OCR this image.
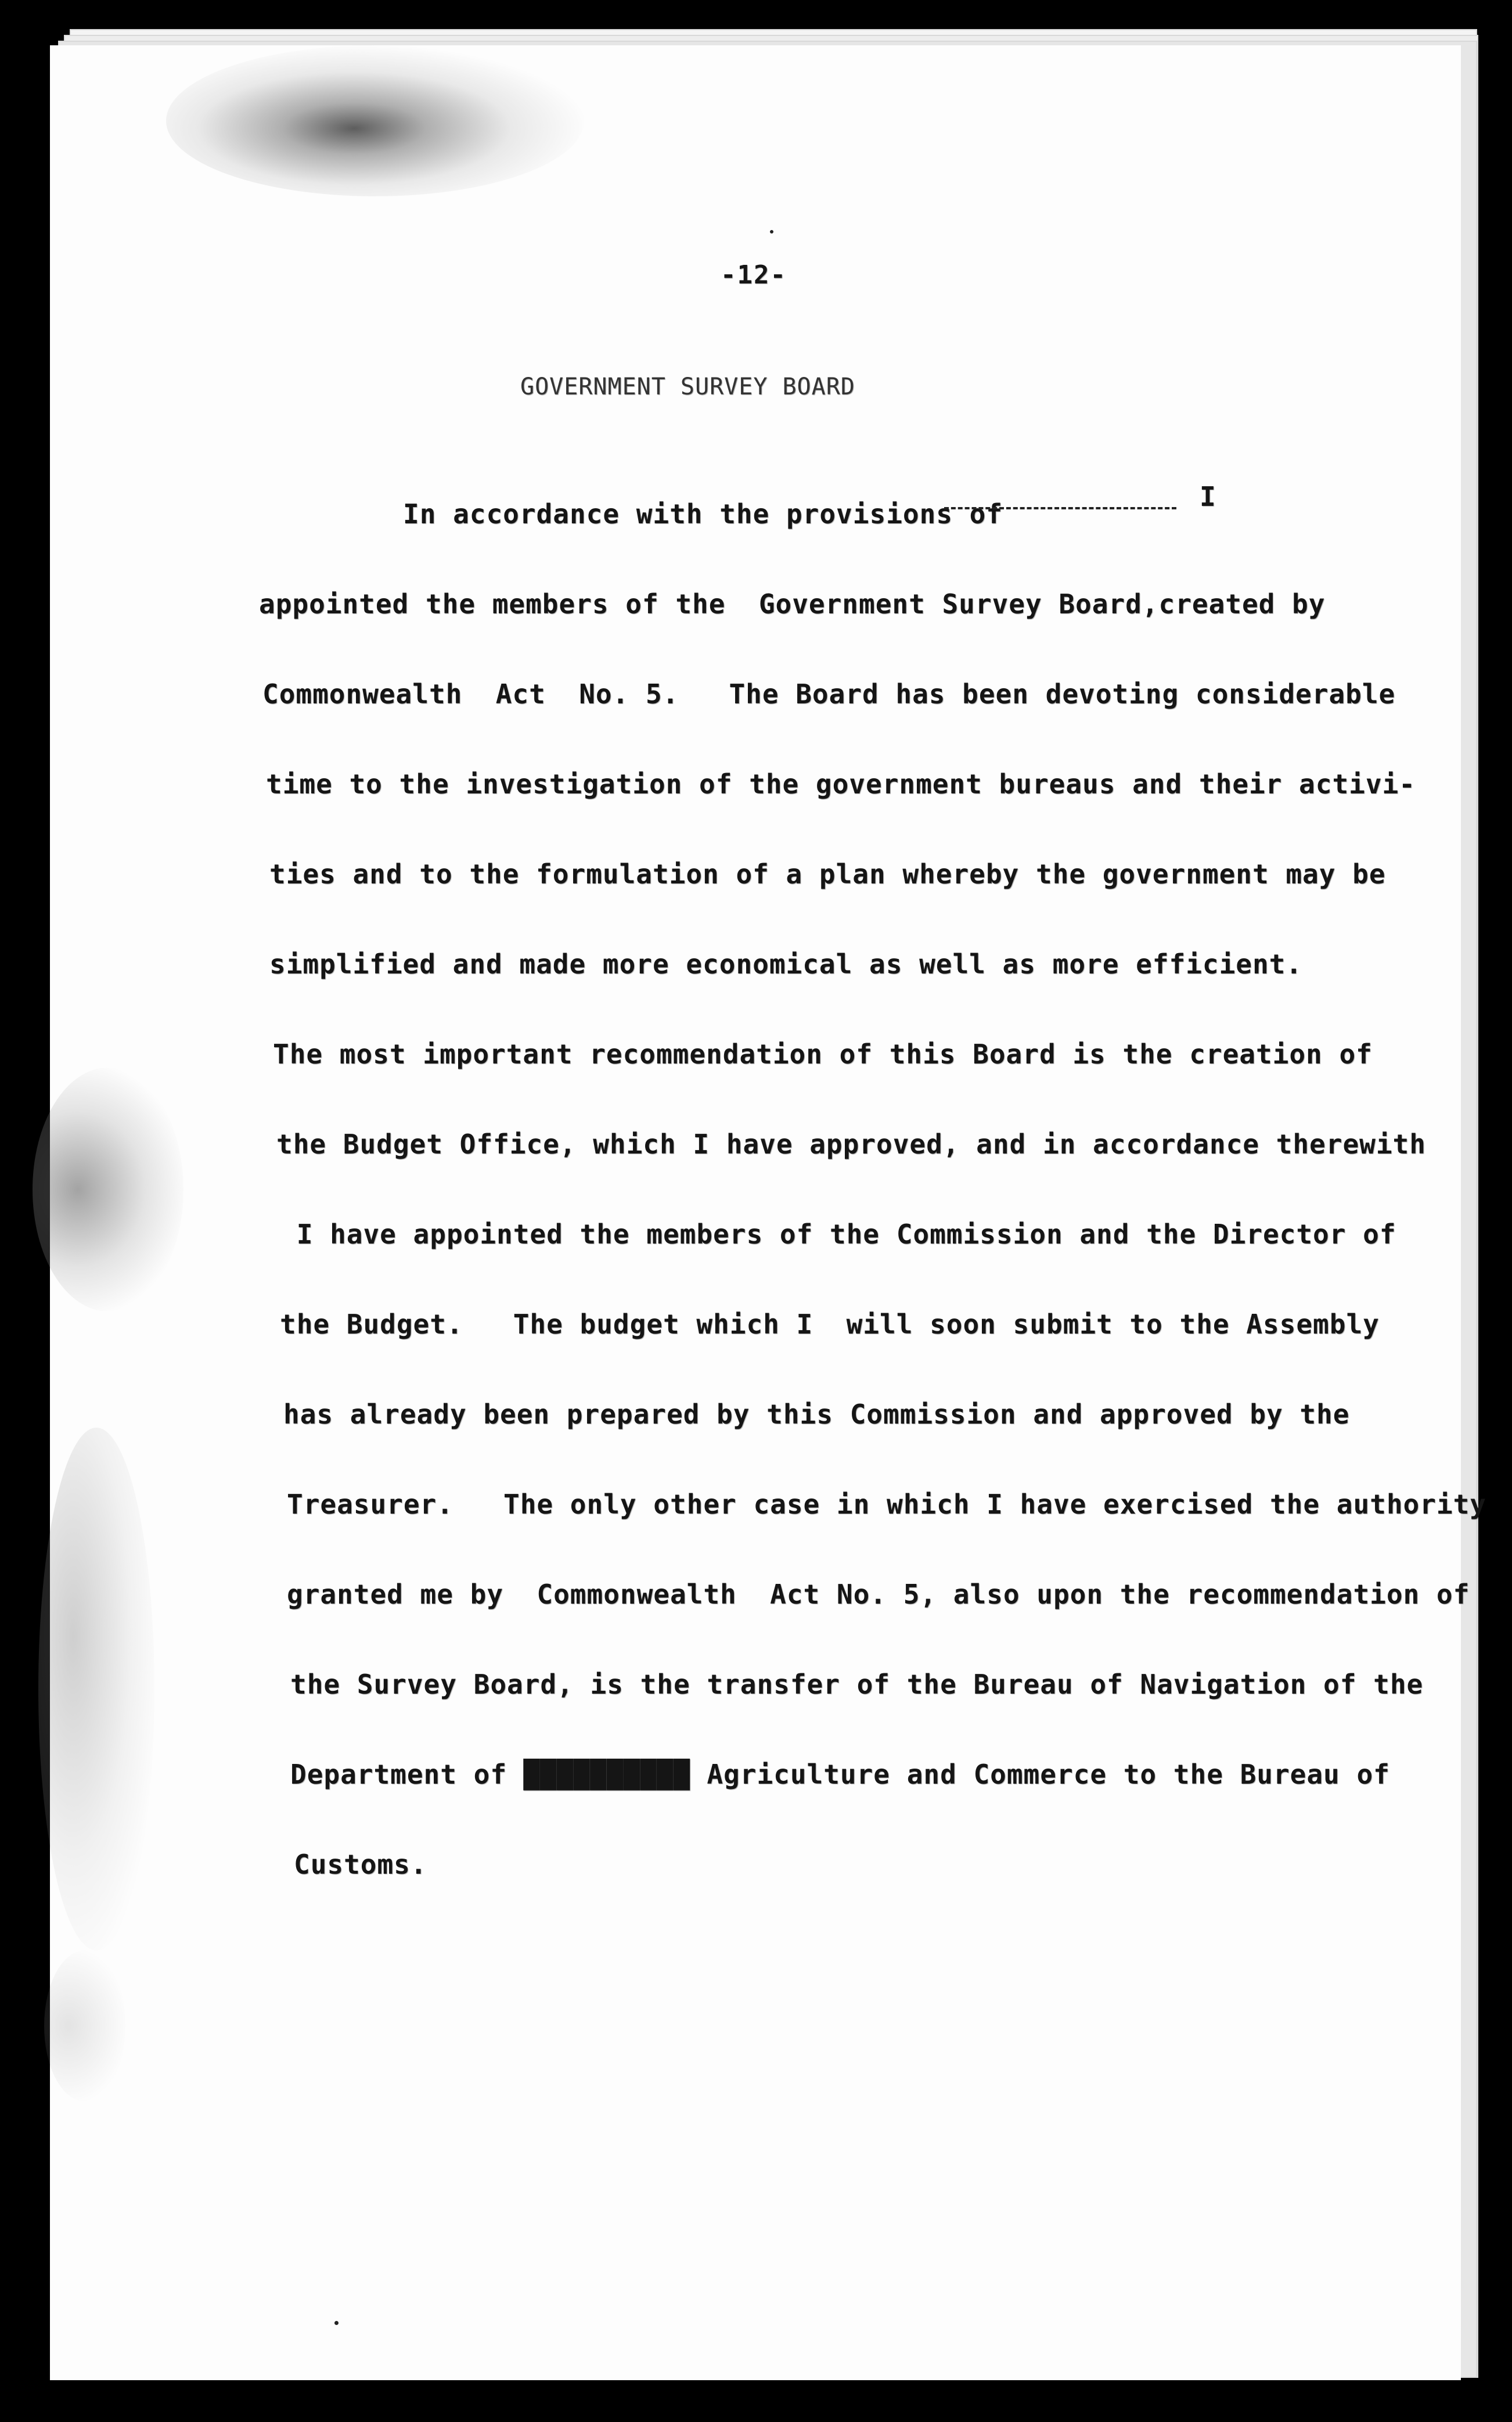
-12-
GOVERNMENT SURVEY BOARD
In accordance with the provisions of
I
appointed the members of the  Government Survey Board,created by
Commonwealth  Act  No. 5.   The Board has been devoting considerable
time to the investigation of the government bureaus and their activi-
ties and to the formulation of a plan whereby the government may be
simplified and made more economical as well as more efficient.
The most important recommendation of this Board is the creation of
the Budget Office, which I have approved, and in accordance therewith
I have appointed the members of the Commission and the Director of
the Budget.   The budget which I  will soon submit to the Assembly
has already been prepared by this Commission and approved by the
Treasurer.   The only other case in which I have exercised the authority
granted me by  Commonwealth  Act No. 5, also upon the recommendation of
the Survey Board, is the transfer of the Bureau of Navigation of the
Department of ██████████ Agriculture and Commerce to the Bureau of
Customs.
